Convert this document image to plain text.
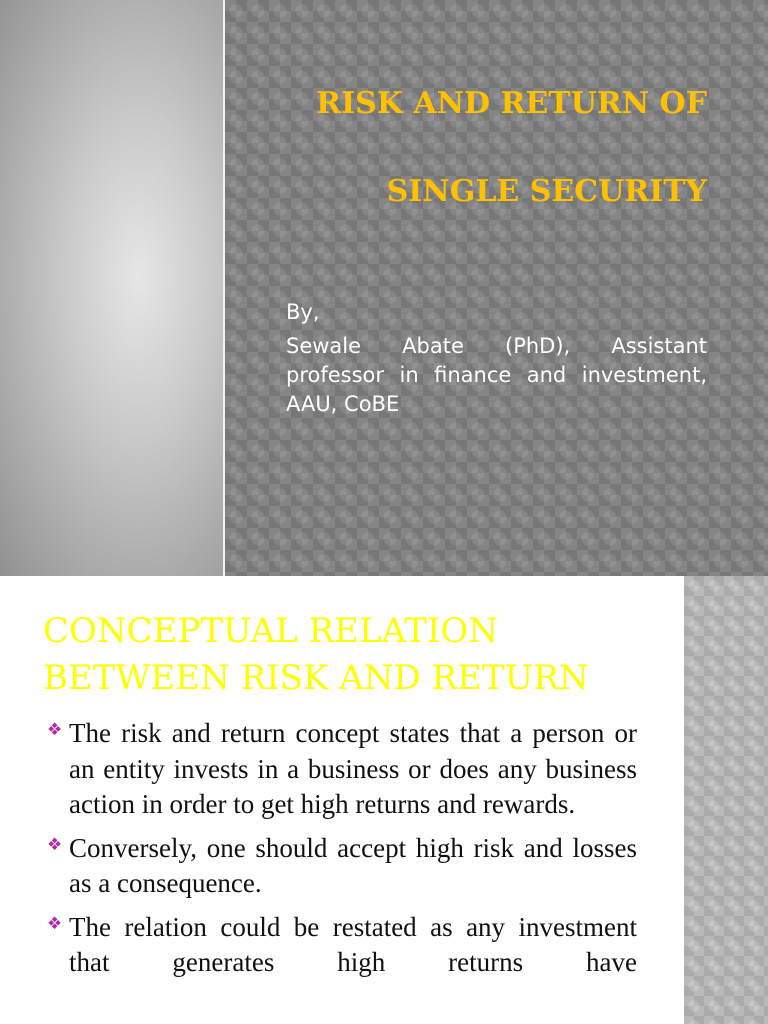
RISK AND RETURN OF
SINGLE SECURITY

By,

Sewale Abate (PhD), Assistant professor in finance and investment, AAU, CoBE

CONCEPTUAL RELATION BETWEEN RISK AND RETURN
❖ The risk and return concept states that a person or an entity invests in a business or does any business action in order to get high returns and rewards.
❖ Conversely, one should accept high risk and losses as a consequence.
❖ The relation could be restated as any investment that generates high returns have
